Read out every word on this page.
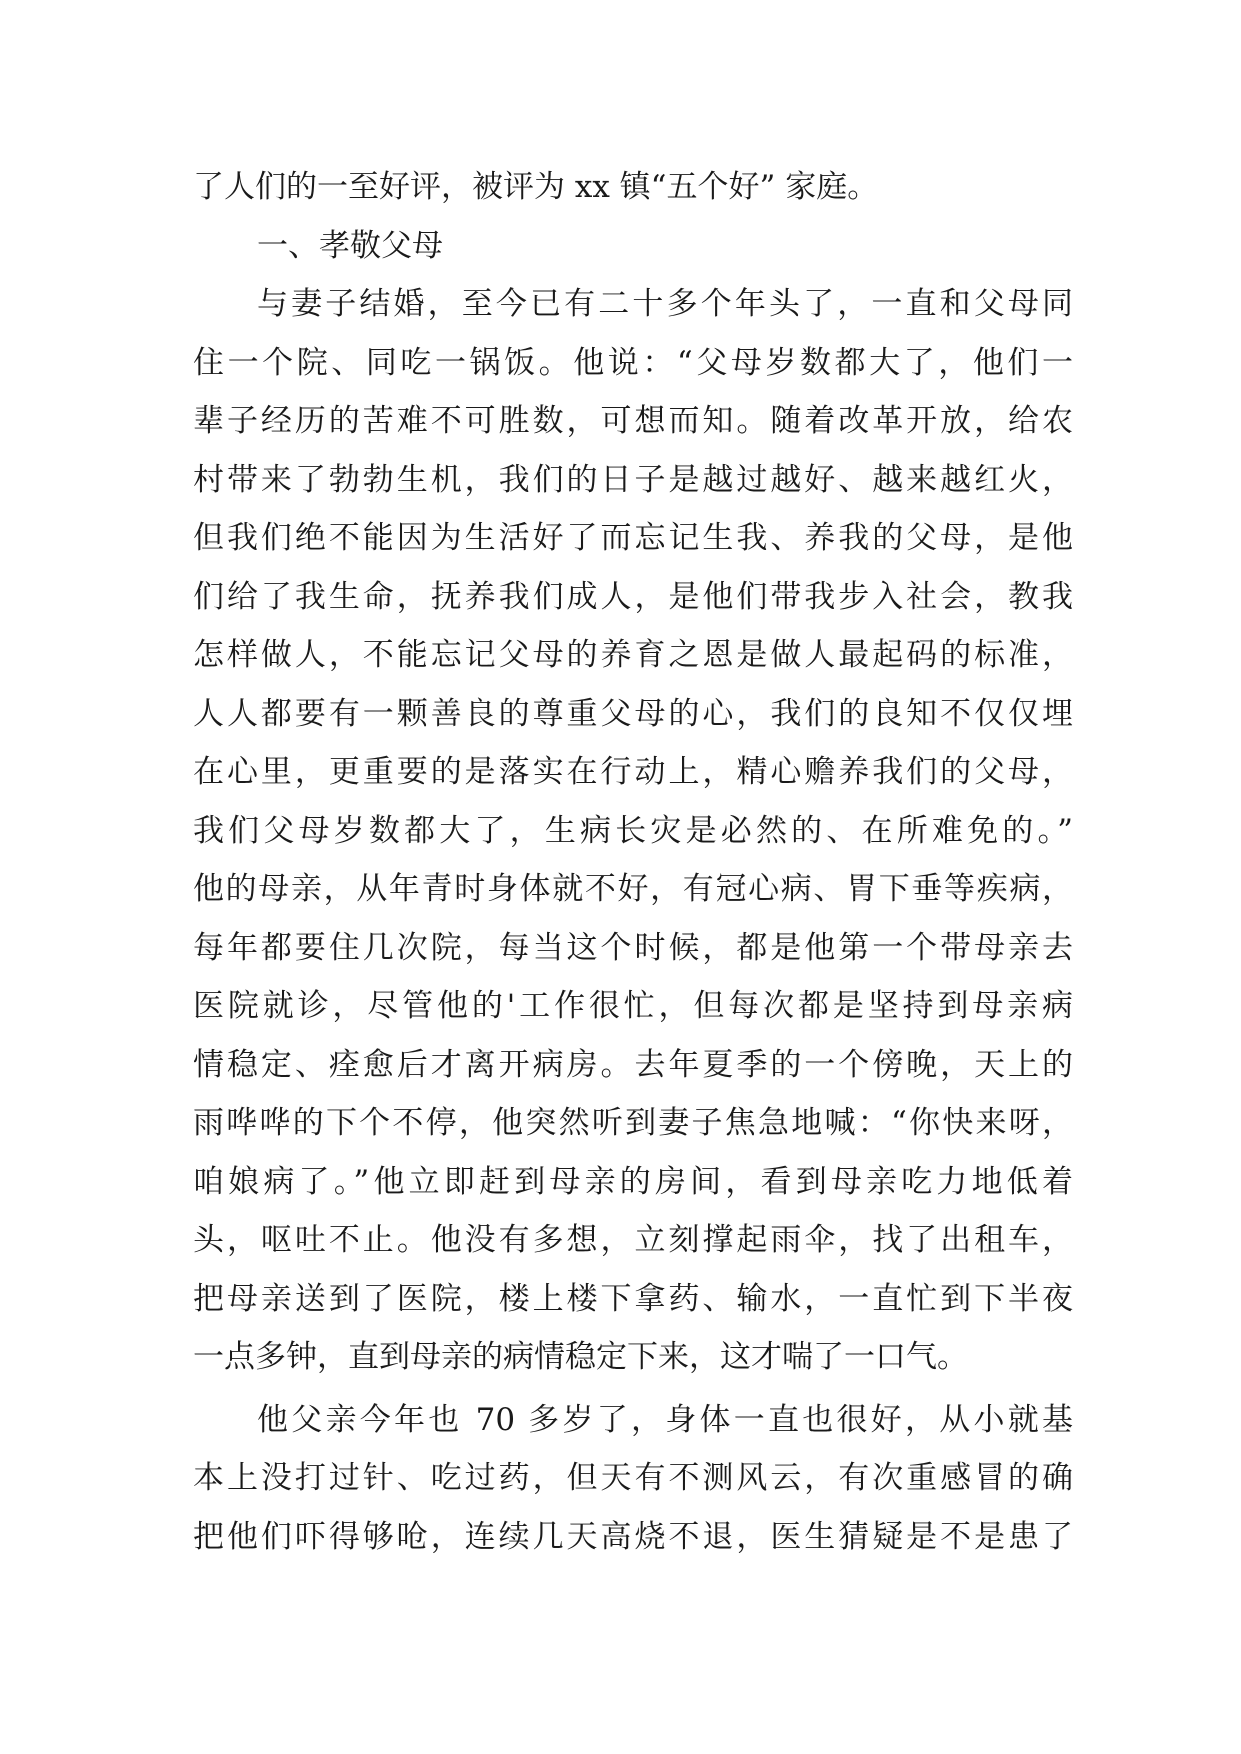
了人们的一至好评，被评为 xx 镇“五个好” 家庭。
一、孝敬父母
与妻子结婚，至今已有二十多个年头了，一直和父母同
住一个院、同吃一锅饭。他说：“父母岁数都大了，他们一
辈子经历的苦难不可胜数，可想而知。随着改革开放，给农
村带来了勃勃生机，我们的日子是越过越好、越来越红火，
但我们绝不能因为生活好了而忘记生我、养我的父母，是他
们给了我生命，抚养我们成人，是他们带我步入社会，教我
怎样做人，不能忘记父母的养育之恩是做人最起码的标准，
人人都要有一颗善良的尊重父母的心，我们的良知不仅仅埋
在心里，更重要的是落实在行动上，精心赡养我们的父母，
我们父母岁数都大了，生病长灾是必然的、在所难免的。”
他的母亲，从年青时身体就不好，有冠心病、胃下垂等疾病，
每年都要住几次院，每当这个时候，都是他第一个带母亲去
医院就诊，尽管他的'工作很忙，但每次都是坚持到母亲病
情稳定、痊愈后才离开病房。去年夏季的一个傍晚，天上的
雨哗哗的下个不停，他突然听到妻子焦急地喊：“你快来呀，
咱娘病了。”他立即赶到母亲的房间，看到母亲吃力地低着
头，呕吐不止。他没有多想，立刻撑起雨伞，找了出租车，
把母亲送到了医院，楼上楼下拿药、输水，一直忙到下半夜
一点多钟，直到母亲的病情稳定下来，这才喘了一口气。
他父亲今年也 70 多岁了，身体一直也很好，从小就基
本上没打过针、吃过药，但天有不测风云，有次重感冒的确
把他们吓得够呛，连续几天高烧不退，医生猜疑是不是患了
